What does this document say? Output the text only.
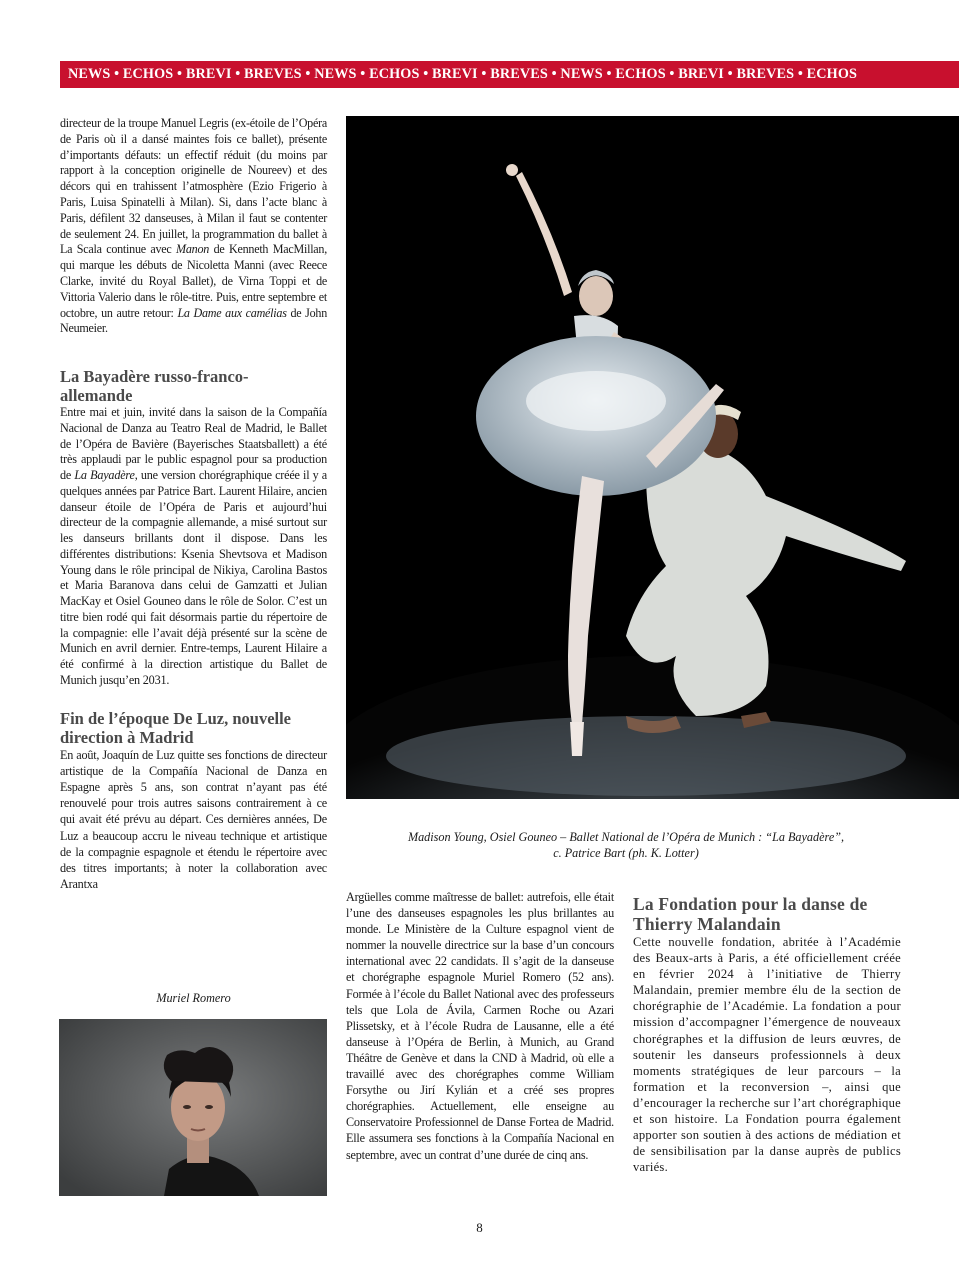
NEWS • ECHOS • BREVI • BREVES • NEWS • ECHOS • BREVI • BREVES • NEWS • ECHOS • BREVI • BREVES • ECHOS

directeur de la troupe Manuel Legris (ex-étoile de l’Opéra de Paris où il a dansé maintes fois ce ballet), présente d’importants défauts: un effectif réduit (du moins par rapport à la conception originelle de Noureev) et des décors qui en trahissent l’atmosphère (Ezio Frigerio à Paris, Luisa Spinatelli à Milan). Si, dans l’acte blanc à Paris, défilent 32 danseuses, à Milan il faut se contenter de seulement 24. En juillet, la programmation du ballet à La Scala continue avec Manon de Kenneth MacMillan, qui marque les débuts de Nicoletta Manni (avec Reece Clarke, invité du Royal Ballet), de Virna Toppi et de Vittoria Valerio dans le rôle-titre. Puis, entre septembre et octobre, un autre retour: La Dame aux camélias de John Neumeier.

La Bayadère russo-franco-allemande

Entre mai et juin, invité dans la saison de la Compañía Nacional de Danza au Teatro Real de Madrid, le Ballet de l’Opéra de Bavière (Bayerisches Staatsballett) a été très applaudi par le public espagnol pour sa production de La Bayadère, une version chorégraphique créée il y a quelques années par Patrice Bart. Laurent Hilaire, ancien danseur étoile de l’Opéra de Paris et aujourd’hui directeur de la compagnie allemande, a misé surtout sur les danseurs brillants dont il dispose. Dans les différentes distributions: Ksenia Shevtsova et Madison Young dans le rôle principal de Nikiya, Carolina Bastos et Maria Baranova dans celui de Gamzatti et Julian MacKay et Osiel Gouneo dans le rôle de Solor. C’est un titre bien rodé qui fait désormais partie du répertoire de la compagnie: elle l’avait déjà présenté sur la scène de Munich en avril dernier. Entre-temps, Laurent Hilaire a été confirmé à la direction artistique du Ballet de Munich jusqu’en 2031.

Fin de l’époque De Luz, nouvelle direction à Madrid

En août, Joaquín de Luz quitte ses fonctions de directeur artistique de la Compañía Nacional de Danza en Espagne après 5 ans, son contrat n’ayant pas été renouvelé pour trois autres saisons contrairement à ce qui avait été prévu au départ. Ces dernières années, De Luz a beaucoup accru le niveau technique et artistique de la compagnie espagnole et étendu le répertoire avec des titres importants; à noter la collaboration avec Arantxa

Muriel Romero
Madison Young, Osiel Gouneo – Ballet National de l’Opéra de Munich : “La Bayadère”,
c. Patrice Bart (ph. K. Lotter)

Argüelles comme maîtresse de ballet: autrefois, elle était l’une des danseuses espagnoles les plus brillantes au monde. Le Ministère de la Culture espagnol vient de nommer la nouvelle directrice sur la base d’un concours international avec 22 candidats. Il s’agit de la danseuse et chorégraphe espagnole Muriel Romero (52 ans). Formée à l’école du Ballet National avec des professeurs tels que Lola de Ávila, Carmen Roche ou Azari Plissetsky, et à l’école Rudra de Lausanne, elle a été danseuse à l’Opéra de Berlin, à Munich, au Grand Théâtre de Genève et dans la CND à Madrid, où elle a travaillé avec des chorégraphes comme William Forsythe ou Jirí Kylián et a créé ses propres chorégraphies. Actuellement, elle enseigne au Conservatoire Professionnel de Danse Fortea de Madrid. Elle assumera ses fonctions à la Compañía Nacional en septembre, avec un contrat d’une durée de cinq ans.

La Fondation pour la danse de Thierry Malandain

Cette nouvelle fondation, abritée à l’Académie des Beaux-arts à Paris, a été officiellement créée en février 2024 à l’initiative de Thierry Malandain, premier membre élu de la section de chorégraphie de l’Académie. La fondation a pour mission d’accompagner l’émergence de nouveaux chorégraphes et la diffusion de leurs œuvres, de soutenir les danseurs professionnels à deux moments stratégiques de leur parcours – la formation et la reconversion –, ainsi que d’encourager la recherche sur l’art chorégraphique et son histoire. La Fondation pourra également apporter son soutien à des actions de médiation et de sensibilisation par la danse auprès de publics variés.

8
